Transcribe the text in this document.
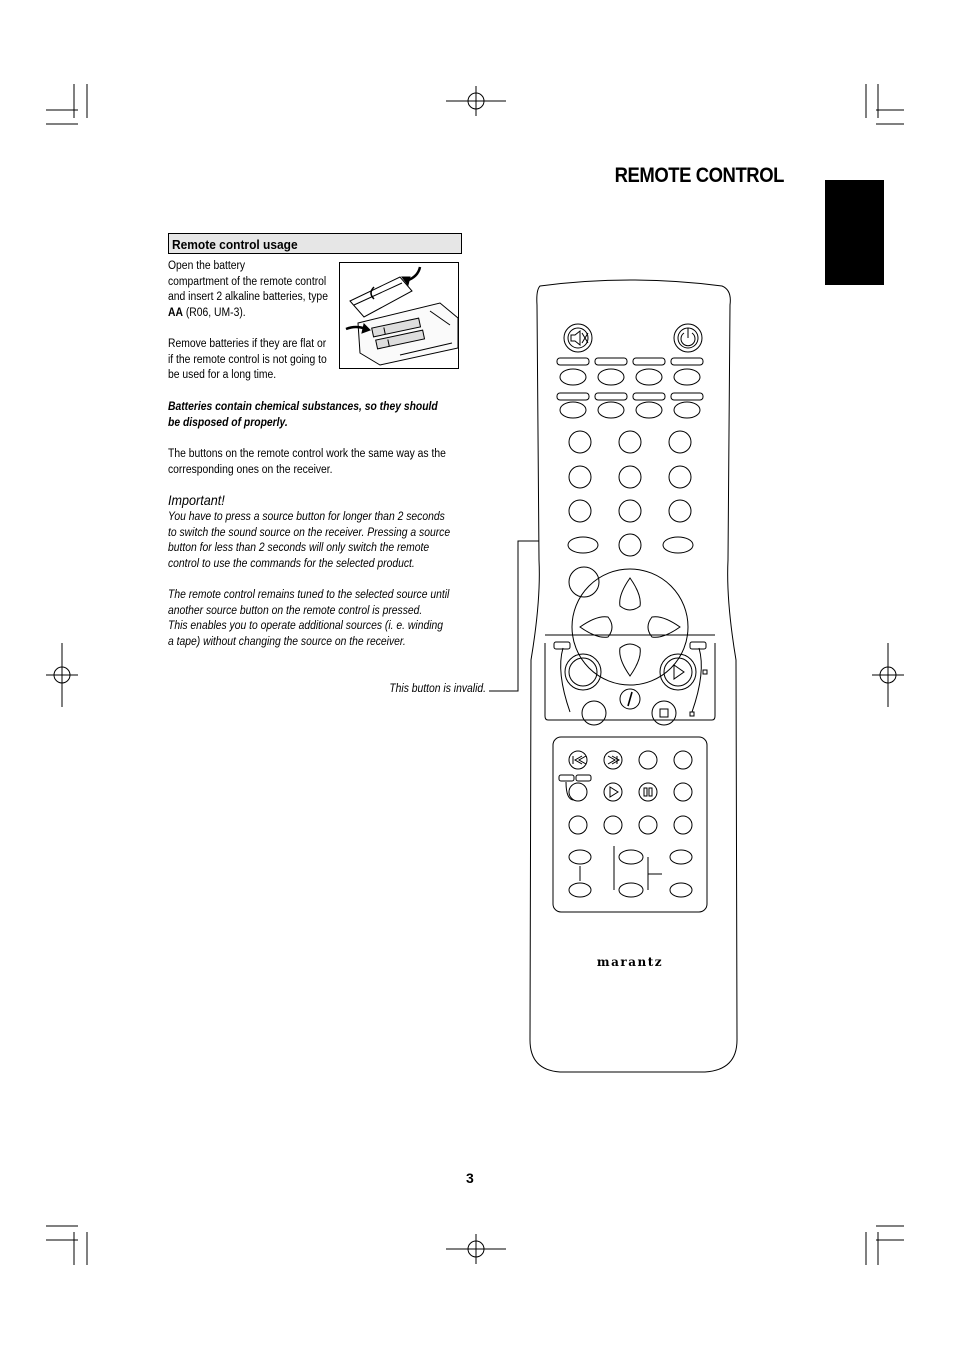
REMOTE CONTROL
Remote control usage
Open the battery
compartment of the remote control
and insert 2 alkaline batteries, type
AA (R06, UM-3).
Remove batteries if they are flat or
if the remote control is not going to
be used for a long time.
Batteries contain chemical substances, so they should
be disposed of properly.
The buttons on the remote control work the same way as the
corresponding ones on the receiver.
Important!
You have to press a source button for longer than 2 seconds
to switch the sound source on the receiver. Pressing a source
button for less than 2 seconds will only switch the remote
control to use the commands for the selected product.
The remote control remains tuned to the selected source until
another source button on the remote control is pressed.
This enables you to operate additional sources (i. e. winding
a tape) without changing the source on the receiver.
This button is invalid.
marantz
3
